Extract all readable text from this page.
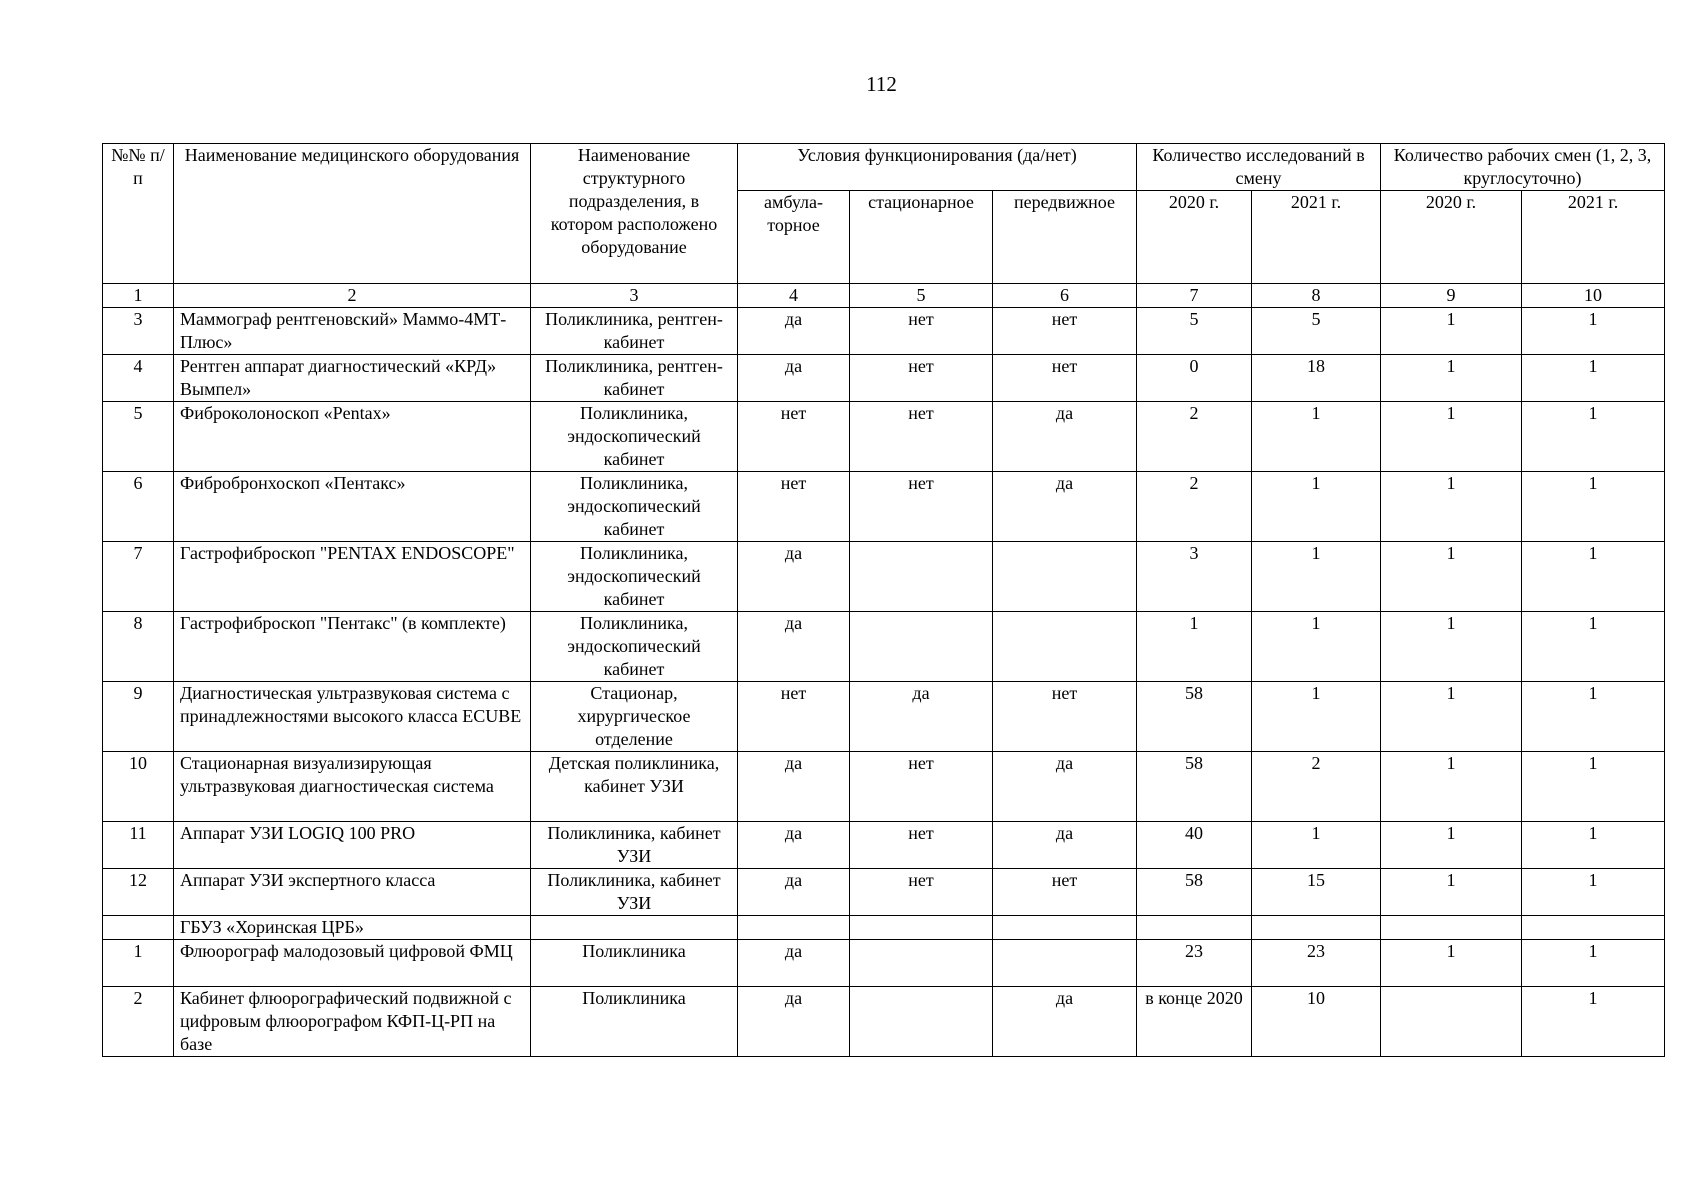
112
№№ п/п	Наименование медицинского оборудования	Наименование структурного подразделения, в котором расположено оборудование	Условия функционирования (да/нет)			Количество исследований в смену		Количество рабочих смен (1, 2, 3, круглосуточно)	
			амбула-торное	стационарное	передвижное	2020 г.	2021 г.	2020 г.	2021 г.
1	2	3	4	5	6	7	8	9	10
3	Маммограф рентгеновский» Маммо-4МТ-Плюс»	Поликлиника, рентген-кабинет	да	нет	нет	5	5	1	1
4	Рентген аппарат диагностический «КРД» Вымпел»	Поликлиника, рентген-кабинет	да	нет	нет	0	18	1	1
5	Фиброколоноскоп «Pentax»	Поликлиника, эндоскопический кабинет	нет	нет	да	2	1	1	1
6	Фибробронхоскоп «Пентакс»	Поликлиника, эндоскопический кабинет	нет	нет	да	2	1	1	1
7	Гастрофиброскоп "PENTAX ENDOSCOPE"	Поликлиника, эндоскопический кабинет	да			3	1	1	1
8	Гастрофиброскоп "Пентакс" (в комплекте)	Поликлиника, эндоскопический кабинет	да			1	1	1	1
9	Диагностическая ультразвуковая система с принадлежностями высокого класса ECUBE	Стационар, хирургическое отделение	нет	да	нет	58	1	1	1
10	Стационарная визуализирующая ультразвуковая диагностическая система	Детская поликлиника, кабинет УЗИ	да	нет	да	58	2	1	1
11	Аппарат УЗИ LOGIQ 100 PRO	Поликлиника, кабинет УЗИ	да	нет	да	40	1	1	1
12	Аппарат УЗИ экспертного класса	Поликлиника, кабинет УЗИ	да	нет	нет	58	15	1	1
	ГБУЗ «Хоринская ЦРБ»								
1	Флюорограф малодозовый цифровой ФМЦ	Поликлиника	да			23	23	1	1
2	Кабинет флюорографический подвижной с цифровым флюорографом КФП-Ц-РП на базе	Поликлиника	да		да	в конце 2020	10		1
